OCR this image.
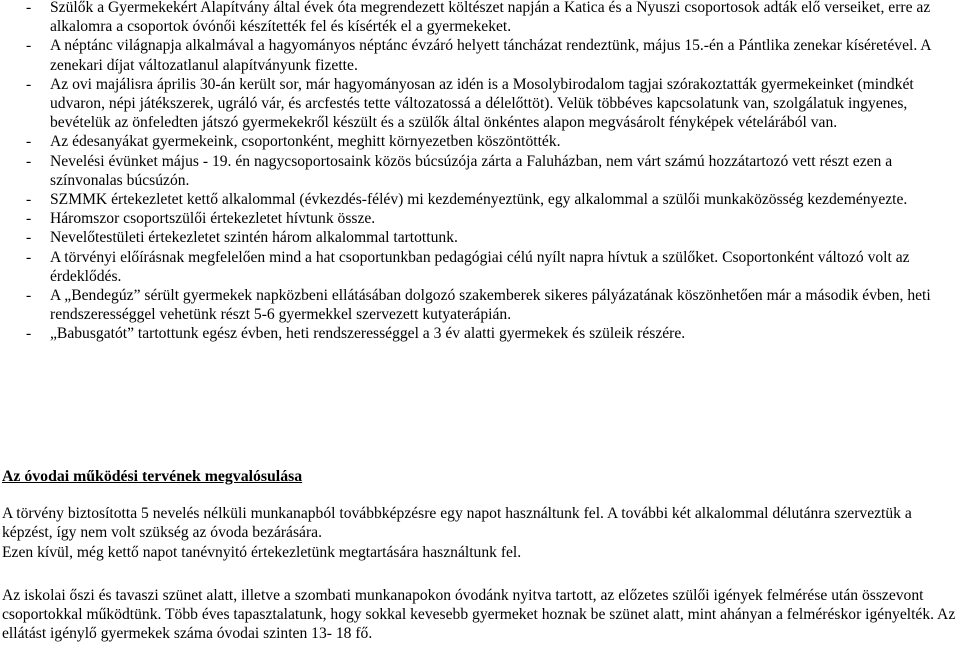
- Szülők a Gyermekekért Alapítvány által évek óta megrendezett költészet napján a Katica és a Nyuszi csoportosok adták elő verseiket, erre az alkalomra a csoportok óvónői készítették fel és kísérték el a gyermekeket.
- A néptánc világnapja alkalmával a hagyományos néptánc évzáró helyett táncházat rendeztünk, május 15.-én a Pántlika zenekar kíséretével. A zenekari díjat változatlanul alapítványunk fizette.
- Az ovi majálisra április 30-án került sor, már hagyományosan az idén is a Mosolybirodalom tagjai szórakoztatták gyermekeinket (mindkét udvaron, népi játékszerek, ugráló vár, és arcfestés tette változatossá a délelőttöt). Velük többéves kapcsolatunk van, szolgálatuk ingyenes, bevételük az önfeledten játszó gyermekekről készült és a szülők által önkéntes alapon megvásárolt fényképek vételárából van.
- Az édesanyákat gyermekeink, csoportonként, meghitt környezetben köszöntötték.
- Nevelési évünket május - 19. én nagycsoportosaink közös búcsúzója zárta a Faluházban, nem várt számú hozzátartozó vett részt ezen a színvonalas búcsúzón.
- SZMMK értekezletet kettő alkalommal (évkezdés-félév) mi kezdeményeztünk, egy alkalommal a szülői munkaközösség kezdeményezte.
- Háromszor csoportszülői értekezletet hívtunk össze.
- Nevelőtestületi értekezletet szintén három alkalommal tartottunk.
- A törvényi előírásnak megfelelően mind a hat csoportunkban pedagógiai célú nyílt napra hívtuk a szülőket. Csoportonként változó volt az érdeklődés.
- A „Bendegúz” sérült gyermekek napközbeni ellátásában dolgozó szakemberek sikeres pályázatának köszönhetően már a második évben, heti rendszerességgel vehetünk részt 5-6 gyermekkel szervezett kutyaterápián.
- „Babusgatót” tartottunk egész évben, heti rendszerességgel a 3 év alatti gyermekek és szüleik részére.
Az óvodai működési tervének megvalósulása

A törvény biztosította 5 nevelés nélküli munkanapból továbbképzésre egy napot használtunk fel. A további két alkalommal délutánra szerveztük a képzést, így nem volt szükség az óvoda bezárására.

Ezen kívül, még kettő napot tanévnyitó értekezletünk megtartására használtunk fel.

Az iskolai őszi és tavaszi szünet alatt, illetve a szombati munkanapokon óvodánk nyitva tartott, az előzetes szülői igények felmérése után összevont csoportokkal működtünk. Több éves tapasztalatunk, hogy sokkal kevesebb gyermeket hoznak be szünet alatt, mint ahányan a felméréskor igényelték. Az ellátást igénylő gyermekek száma óvodai szinten 13- 18 fő.
